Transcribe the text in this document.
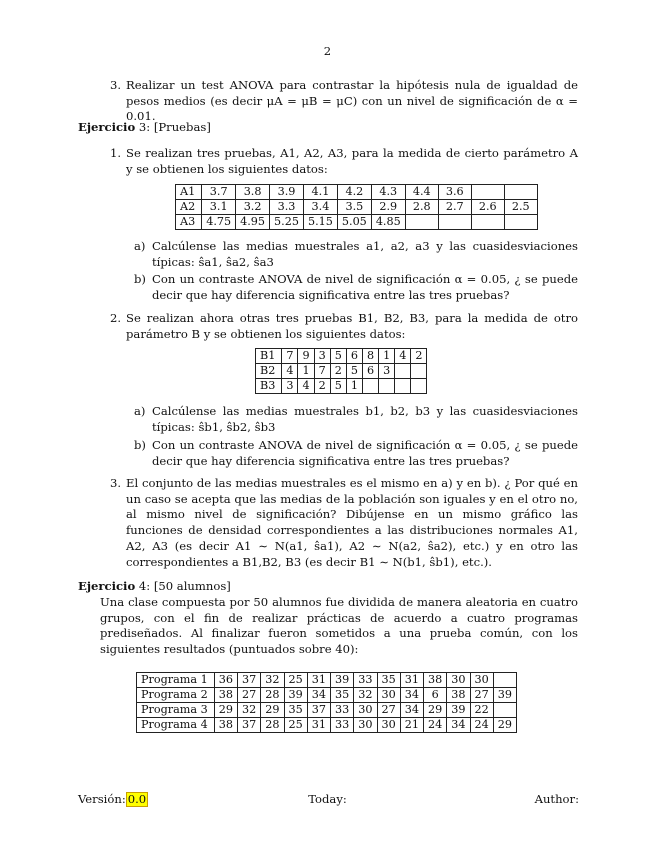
2
3. Realizar un test ANOVA para contrastar la hipótesis nula de igualdad de pesos medios (es decir μA = μB = μC) con un nivel de significación de α = 0.01.
Ejercicio 3: [Pruebas]
1. Se realizan tres pruebas, A1, A2, A3, para la medida de cierto parámetro A y se obtienen los siguientes datos:
A1	3.7	3.8	3.9	4.1	4.2	4.3	4.4	3.6		
A2	3.1	3.2	3.3	3.4	3.5	2.9	2.8	2.7	2.6	2.5
A3	4.75	4.95	5.25	5.15	5.05	4.85				
a) Calcúlense las medias muestrales a1, a2, a3 y las cuasidesviaciones típicas: ŝa1, ŝa2, ŝa3
b) Con un contraste ANOVA de nivel de significación α = 0.05, ¿ se puede decir que hay diferencia significativa entre las tres pruebas?
2. Se realizan ahora otras tres pruebas B1, B2, B3, para la medida de otro parámetro B y se obtienen los siguientes datos:
B1	7	9	3	5	6	8	1	4	2
B2	4	1	7	2	5	6	3		
B3	3	4	2	5	1				
a) Calcúlense las medias muestrales b1, b2, b3 y las cuasidesviaciones típicas: ŝb1, ŝb2, ŝb3
b) Con un contraste ANOVA de nivel de significación α = 0.05, ¿ se puede decir que hay diferencia significativa entre las tres pruebas?
3. El conjunto de las medias muestrales es el mismo en a) y en b). ¿ Por qué en un caso se acepta que las medias de la población son iguales y en el otro no, al mismo nivel de significación? Dibújense en un mismo gráfico las funciones de densidad correspondientes a las distribuciones normales A1, A2, A3 (es decir A1 ∼ N(a1, ŝa1), A2 ∼ N(a2, ŝa2), etc.) y en otro las correspondientes a B1,B2, B3 (es decir B1 ∼ N(b1, ŝb1), etc.).
Ejercicio 4: [50 alumnos]
Una clase compuesta por 50 alumnos fue dividida de manera aleatoria en cuatro grupos, con el fin de realizar prácticas de acuerdo a cuatro programas prediseñados. Al finalizar fueron sometidos a una prueba común, con los siguientes resultados (puntuados sobre 40):
Programa 1	36	37	32	25	31	39	33	35	31	38	30	30	
Programa 2	38	27	28	39	34	35	32	30	34	6	38	27	39
Programa 3	29	32	29	35	37	33	30	27	34	29	39	22	
Programa 4	38	37	28	25	31	33	30	30	21	24	34	24	29
Versión: 0.0	Today:	Author:
